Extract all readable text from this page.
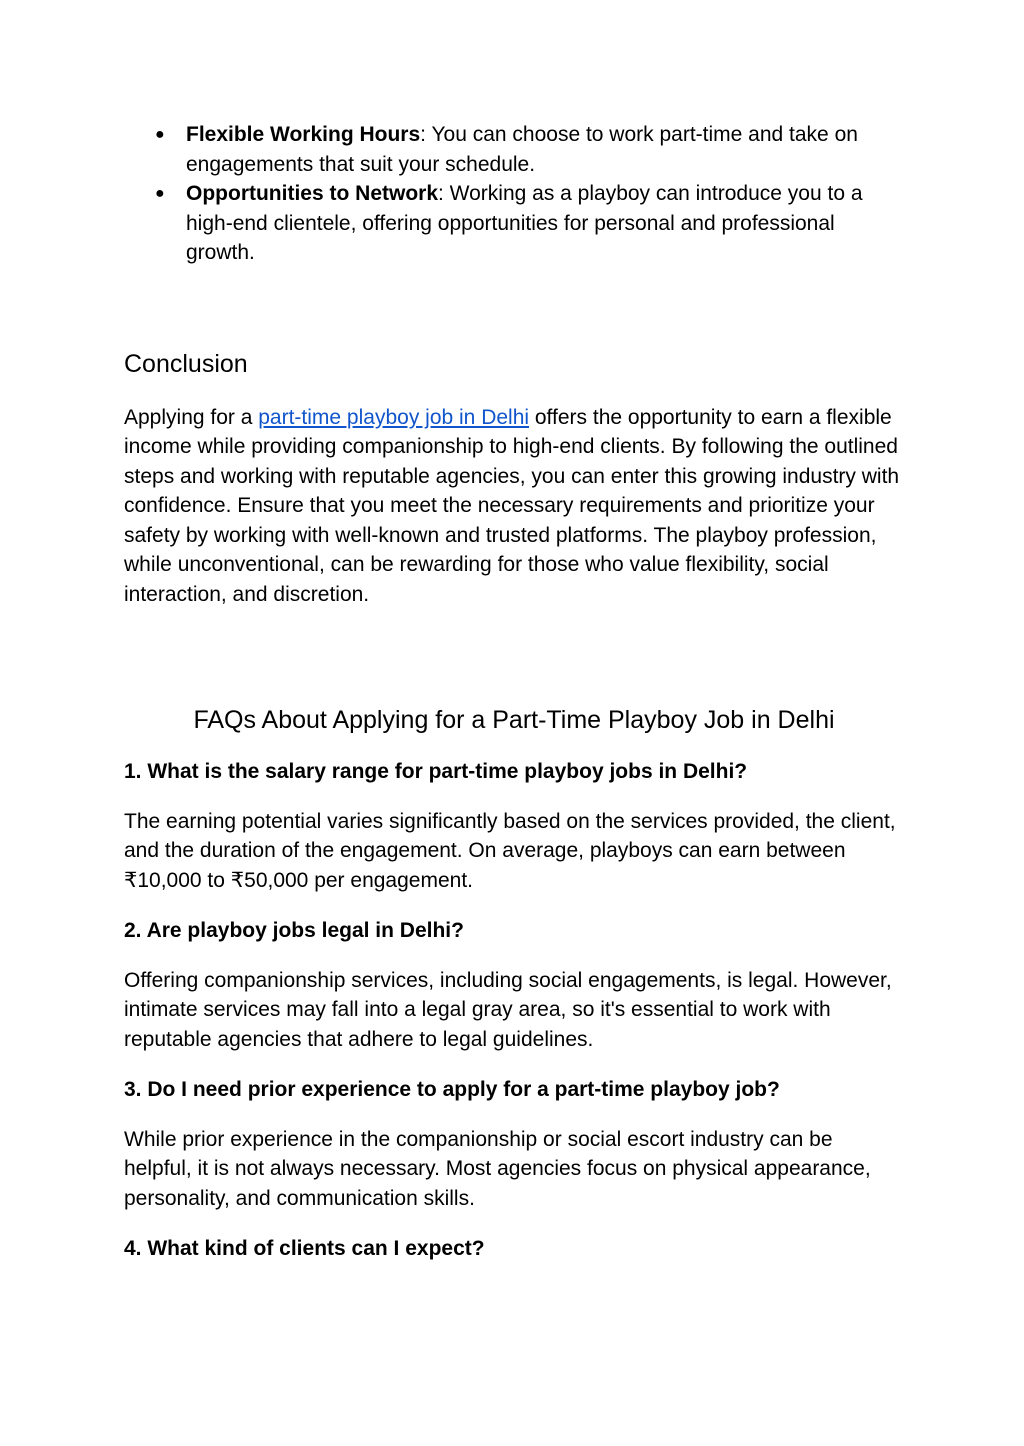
●	Flexible Working Hours: You can choose to work part-time and take on engagements that suit your schedule.
●	Opportunities to Network: Working as a playboy can introduce you to a high-end clientele, offering opportunities for personal and professional growth.
Conclusion

Applying for a part-time playboy job in Delhi offers the opportunity to earn a flexible income while providing companionship to high-end clients. By following the outlined steps and working with reputable agencies, you can enter this growing industry with confidence. Ensure that you meet the necessary requirements and prioritize your safety by working with well-known and trusted platforms. The playboy profession, while unconventional, can be rewarding for those who value flexibility, social interaction, and discretion.

FAQs About Applying for a Part-Time Playboy Job in Delhi
1. What is the salary range for part-time playboy jobs in Delhi?

The earning potential varies significantly based on the services provided, the client, and the duration of the engagement. On average, playboys can earn between ₹10,000 to ₹50,000 per engagement.

2. Are playboy jobs legal in Delhi?

Offering companionship services, including social engagements, is legal. However, intimate services may fall into a legal gray area, so it's essential to work with reputable agencies that adhere to legal guidelines.

3. Do I need prior experience to apply for a part-time playboy job?

While prior experience in the companionship or social escort industry can be helpful, it is not always necessary. Most agencies focus on physical appearance, personality, and communication skills.

4. What kind of clients can I expect?
